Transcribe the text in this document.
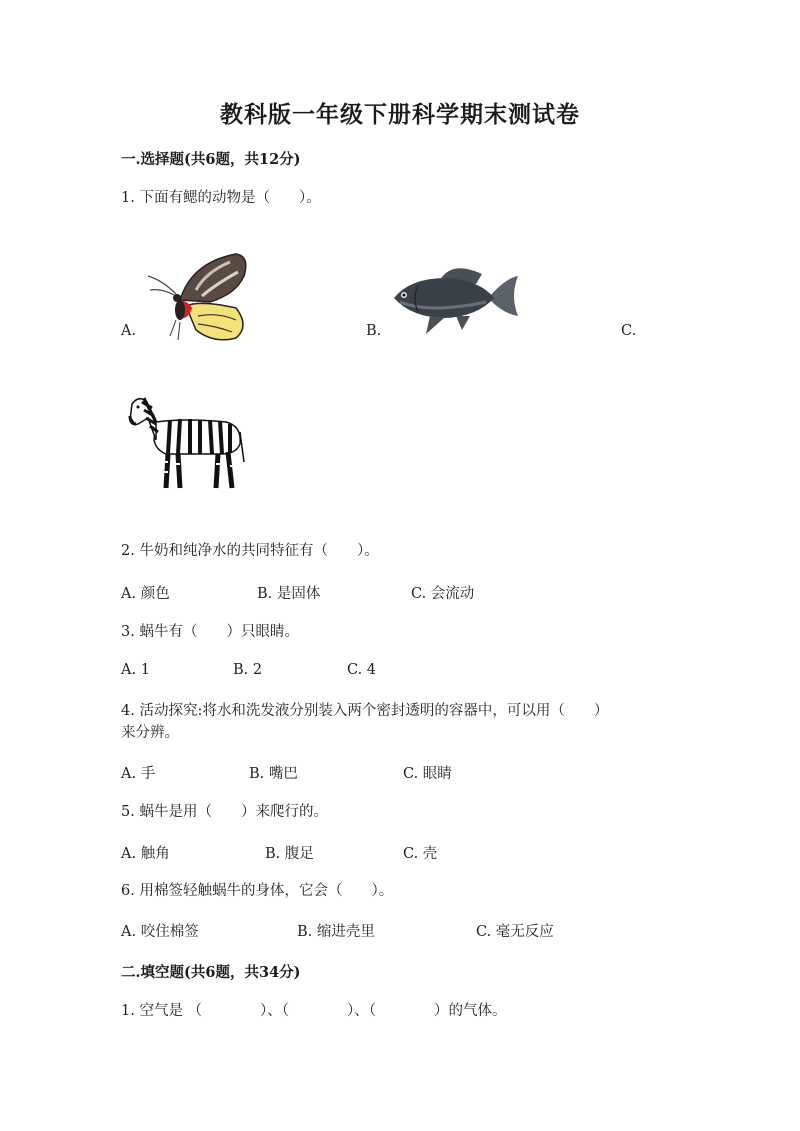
教科版一年级下册科学期末测试卷
一.选择题(共6题，共12分)
1. 下面有鳃的动物是（　　）。
A.	B.	C.
2. 牛奶和纯净水的共同特征有（　　）。
A. 颜色	B. 是固体	C. 会流动
3. 蜗牛有（　　）只眼睛。
A. 1	B. 2	C. 4
4. 活动探究:将水和洗发液分别装入两个密封透明的容器中，可以用（　　）
来分辨。
A. 手	B. 嘴巴	C. 眼睛
5. 蜗牛是用（　　）来爬行的。
A. 触角	B. 腹足	C. 壳
6. 用棉签轻触蜗牛的身体，它会（　　）。
A. 咬住棉签	B. 缩进壳里	C. 毫无反应
二.填空题(共6题，共34分)
1. 空气是 （　　　　）、（　　　　）、（　　　　）的气体。
